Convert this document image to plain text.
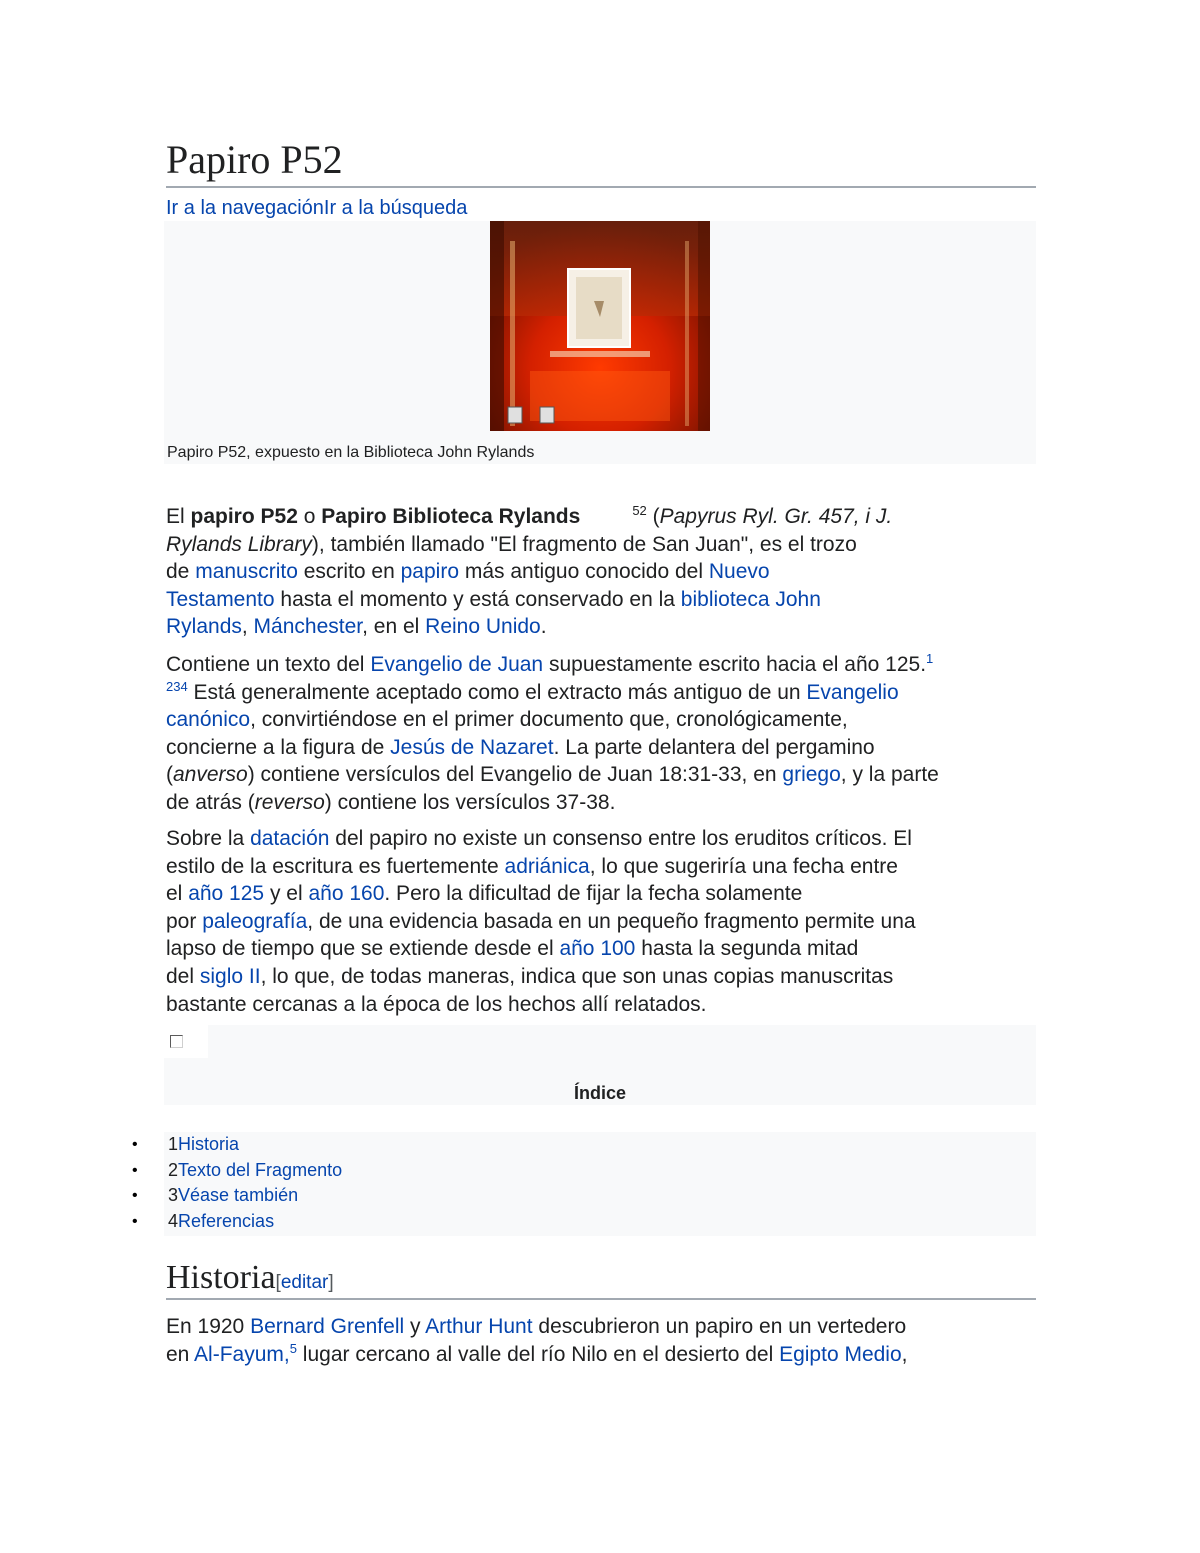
Papiro P52
Ir a la navegaciónIr a la búsqueda
Papiro P52, expuesto en la Biblioteca John Rylands
El papiro P52 o Papiro Biblioteca Rylands	$^{52}$ (Papyrus Ryl. Gr. 457, i J.
Rylands Library), también llamado "El fragmento de San Juan", es el trozo
de manuscrito escrito en papiro más antiguo conocido del Nuevo
Testamento hasta el momento y está conservado en la biblioteca John
Rylands, Mánchester, en el Reino Unido.
Contiene un texto del Evangelio de Juan supuestamente escrito hacia el año 125.$^1$
$^{234}$ Está generalmente aceptado como el extracto más antiguo de un Evangelio
canónico, convirtiéndose en el primer documento que, cronológicamente,
concierne a la figura de Jesús de Nazaret. La parte delantera del pergamino
(anverso) contiene versículos del Evangelio de Juan 18:31-33, en griego, y la parte
de atrás (reverso) contiene los versículos 37-38.
Sobre la datación del papiro no existe un consenso entre los eruditos críticos. El
estilo de la escritura es fuertemente adriánica, lo que sugeriría una fecha entre
el año 125 y el año 160. Pero la dificultad de fijar la fecha solamente
por paleografía, de una evidencia basada en un pequeño fragmento permite una
lapso de tiempo que se extiende desde el año 100 hasta la segunda mitad
del siglo II, lo que, de todas maneras, indica que son unas copias manuscritas
bastante cercanas a la época de los hechos allí relatados.
Índice
• 1Historia
• 2Texto del Fragmento
• 3Véase también
• 4Referencias
Historia[editar]
En 1920 Bernard Grenfell y Arthur Hunt descubrieron un papiro en un vertedero
en Al-Fayum,$^5$ lugar cercano al valle del río Nilo en el desierto del Egipto Medio,
